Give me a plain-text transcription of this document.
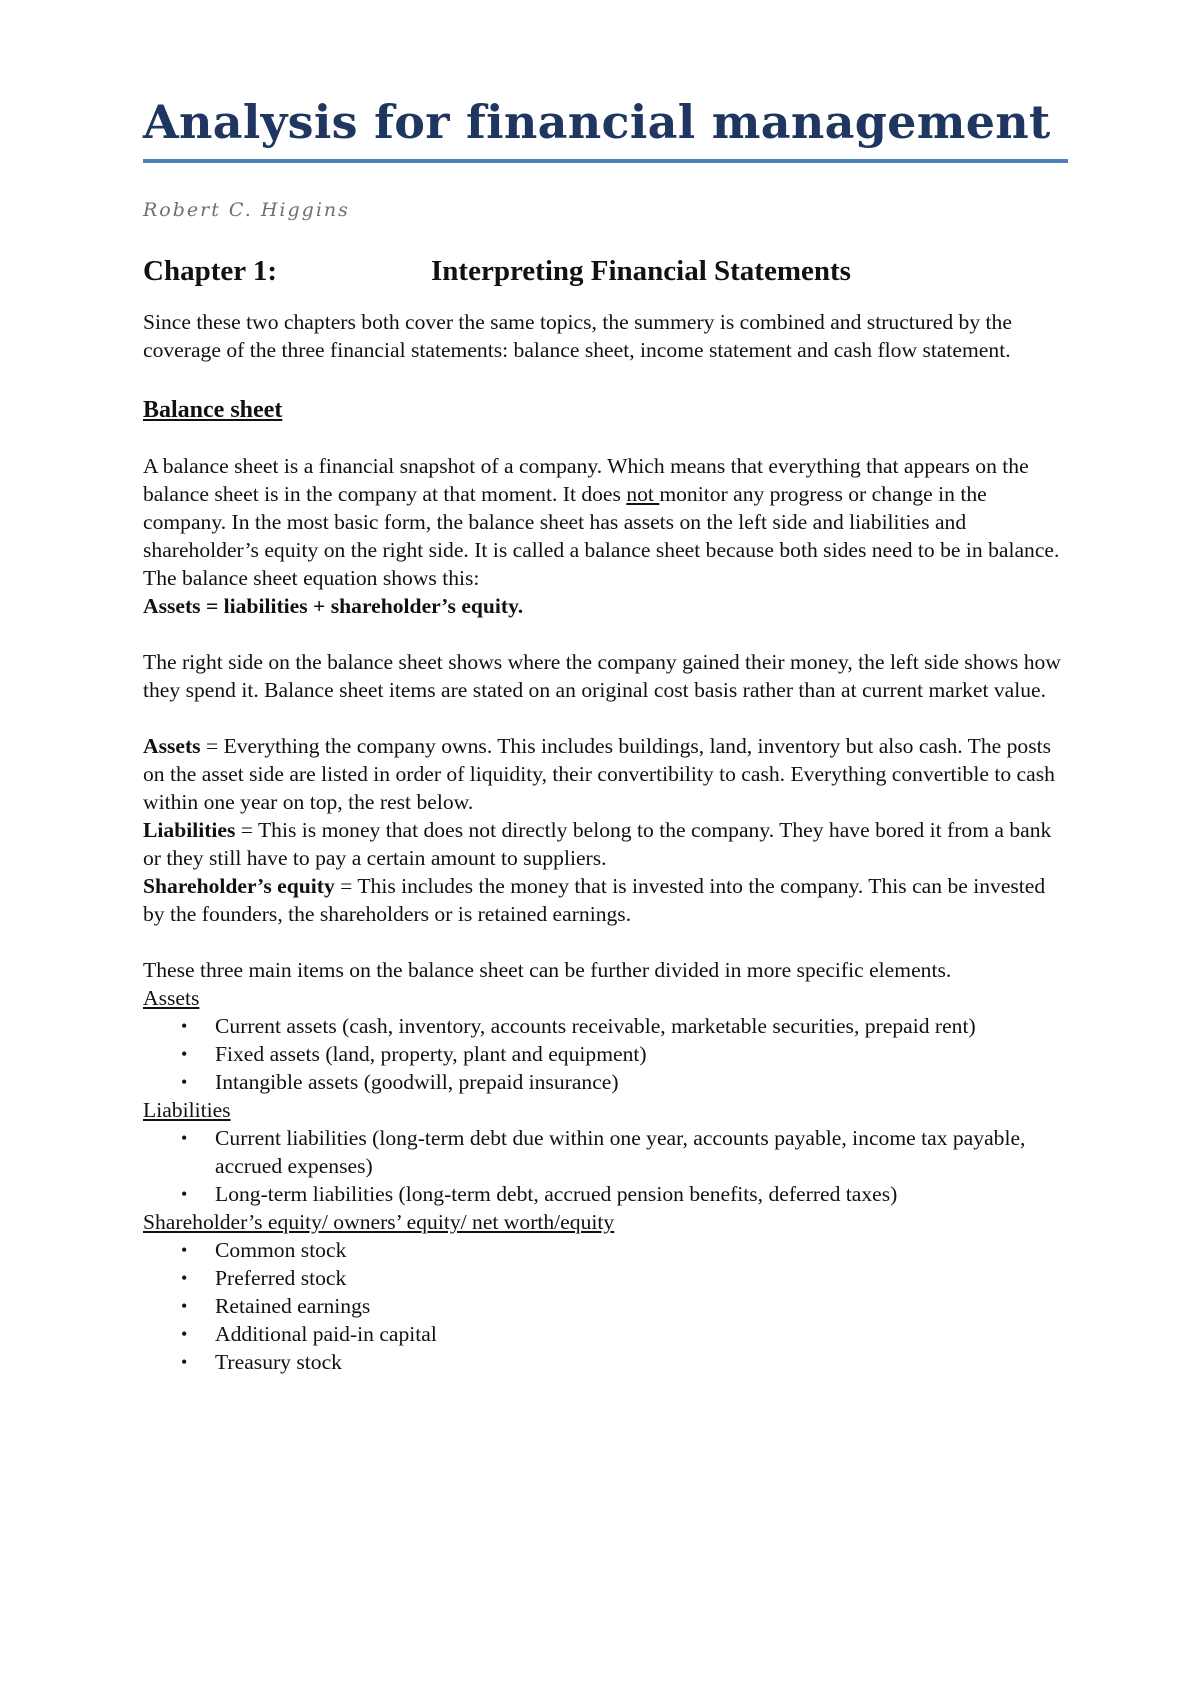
Analysis for financial management
Robert C. Higgins
Chapter 1:	Interpreting Financial Statements

Since these two chapters both cover the same topics, the summery is combined and structured by the coverage of the three financial statements: balance sheet, income statement and cash flow statement.

Balance sheet

A balance sheet is a financial snapshot of a company. Which means that everything that appears on the balance sheet is in the company at that moment. It does not monitor any progress or change in the company. In the most basic form, the balance sheet has assets on the left side and liabilities and shareholder’s equity on the right side. It is called a balance sheet because both sides need to be in balance. The balance sheet equation shows this:

Assets = liabilities + shareholder’s equity.

The right side on the balance sheet shows where the company gained their money, the left side shows how they spend it. Balance sheet items are stated on an original cost basis rather than at current market value.

Assets = Everything the company owns. This includes buildings, land, inventory but also cash. The posts on the asset side are listed in order of liquidity, their convertibility to cash. Everything convertible to cash within one year on top, the rest below.

Liabilities = This is money that does not directly belong to the company. They have bored it from a bank or they still have to pay a certain amount to suppliers.

Shareholder’s equity = This includes the money that is invested into the company. This can be invested by the founders, the shareholders or is retained earnings.

These three main items on the balance sheet can be further divided in more specific elements.

Assets
• Current assets (cash, inventory, accounts receivable, marketable securities, prepaid rent)
• Fixed assets (land, property, plant and equipment)
• Intangible assets (goodwill, prepaid insurance)
Liabilities
• Current liabilities (long-term debt due within one year, accounts payable, income tax payable, accrued expenses)
• Long-term liabilities (long-term debt, accrued pension benefits, deferred taxes)
Shareholder’s equity/ owners’ equity/ net worth/equity
• Common stock
• Preferred stock
• Retained earnings
• Additional paid-in capital
• Treasury stock
